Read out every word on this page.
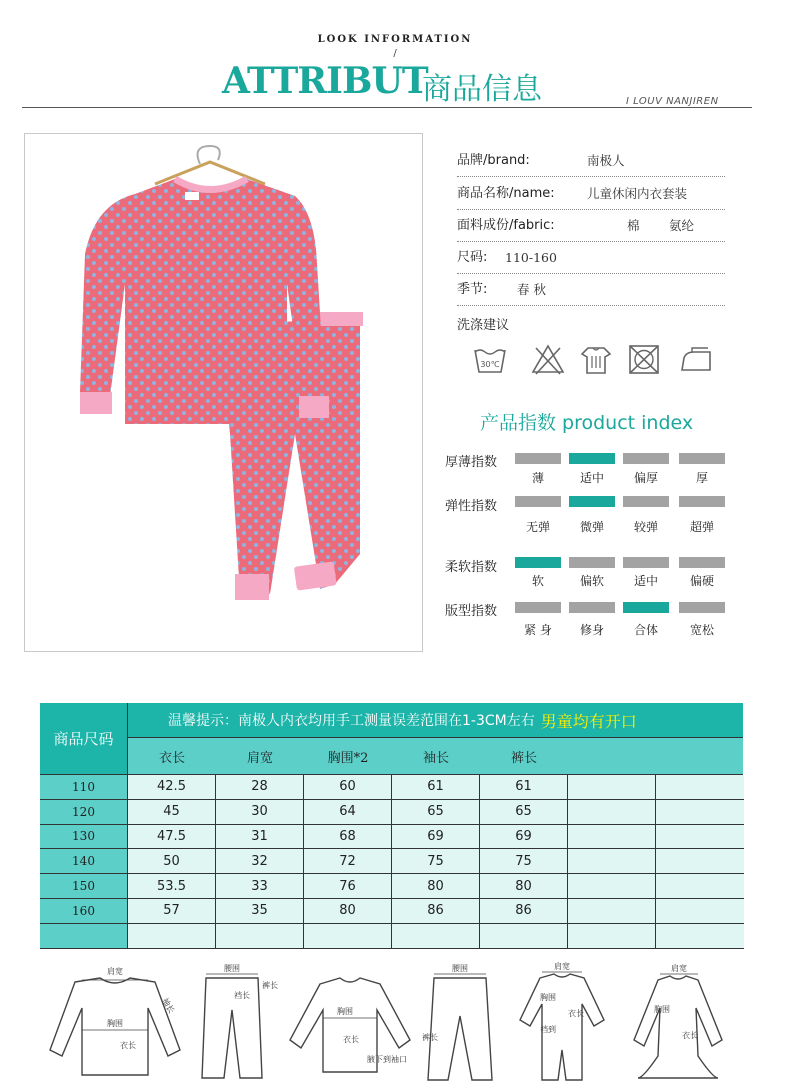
LOOK INFORMATION
/
ATTRIBUT
商品信息	I LOUV NANJIREN
品牌/brand:	南极人
商品名称/name:	儿童休闲内衣套装
面料成份/fabric:	棉 氨纶
尺码: 110-160
季节: 春 秋
洗涤建议
30℃
产品指数 product index
厚薄指数
薄	适中	偏厚	厚
弹性指数
无弹	微弹	较弹	超弹
柔软指数
软	偏软	适中	偏硬
版型指数
紧 身	修身	合体	宽松
商品尺码
温馨提示：南极人内衣均用手工测量误差范围在1-3CM左右 男童均有开口
衣长	肩宽	胸围*2	袖长	裤长
110	42.5	28	60	61	61
120	45	30	64	65	65
130	47.5	31	68	69	69
140	50	32	72	75	75
150	53.5	33	76	80	80
160	57	35	80	86	86
肩宽
袖长
胸围
衣长
腰围
裆长
裤长
胸围
衣长
腋下到袖口
腰围
裤长
肩宽
胸围
衣长
裆到
肩宽
胸围
衣长
